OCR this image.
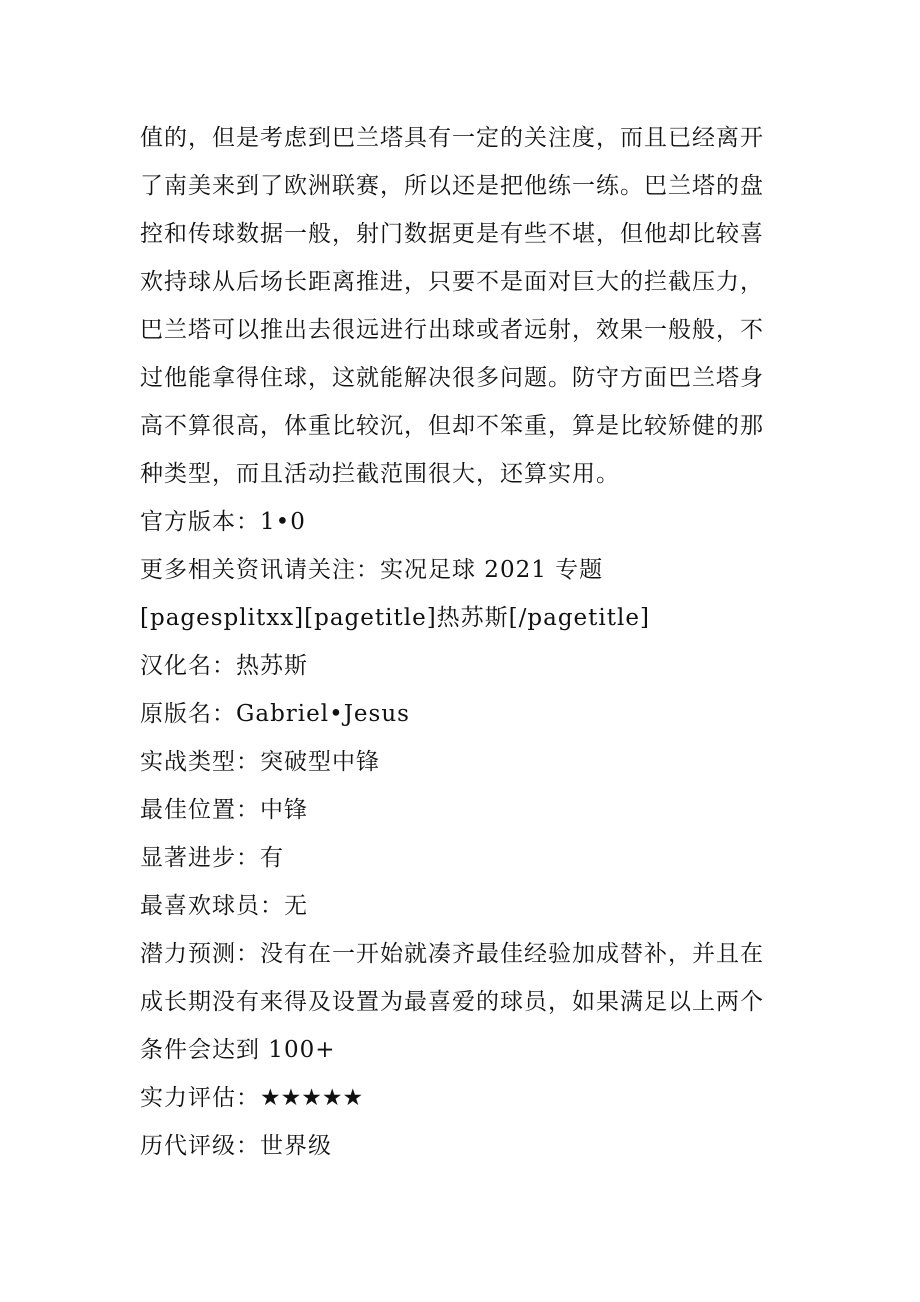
值的，但是考虑到巴兰塔具有一定的关注度，而且已经离开
了南美来到了欧洲联赛，所以还是把他练一练。巴兰塔的盘
控和传球数据一般，射门数据更是有些不堪，但他却比较喜
欢持球从后场长距离推进，只要不是面对巨大的拦截压力，
巴兰塔可以推出去很远进行出球或者远射，效果一般般，不
过他能拿得住球，这就能解决很多问题。防守方面巴兰塔身
高不算很高，体重比较沉，但却不笨重，算是比较矫健的那
种类型，而且活动拦截范围很大，还算实用。

官方版本：1•0

更多相关资讯请关注：实况足球 2021 专题

[pagesplitxx][pagetitle]热苏斯[/pagetitle]

汉化名：热苏斯

原版名：Gabriel•Jesus

实战类型：突破型中锋

最佳位置：中锋

显著进步：有

最喜欢球员：无

潜力预测：没有在一开始就凑齐最佳经验加成替补，并且在
成长期没有来得及设置为最喜爱的球员，如果满足以上两个
条件会达到 100+

实力评估：★★★★★

历代评级：世界级
